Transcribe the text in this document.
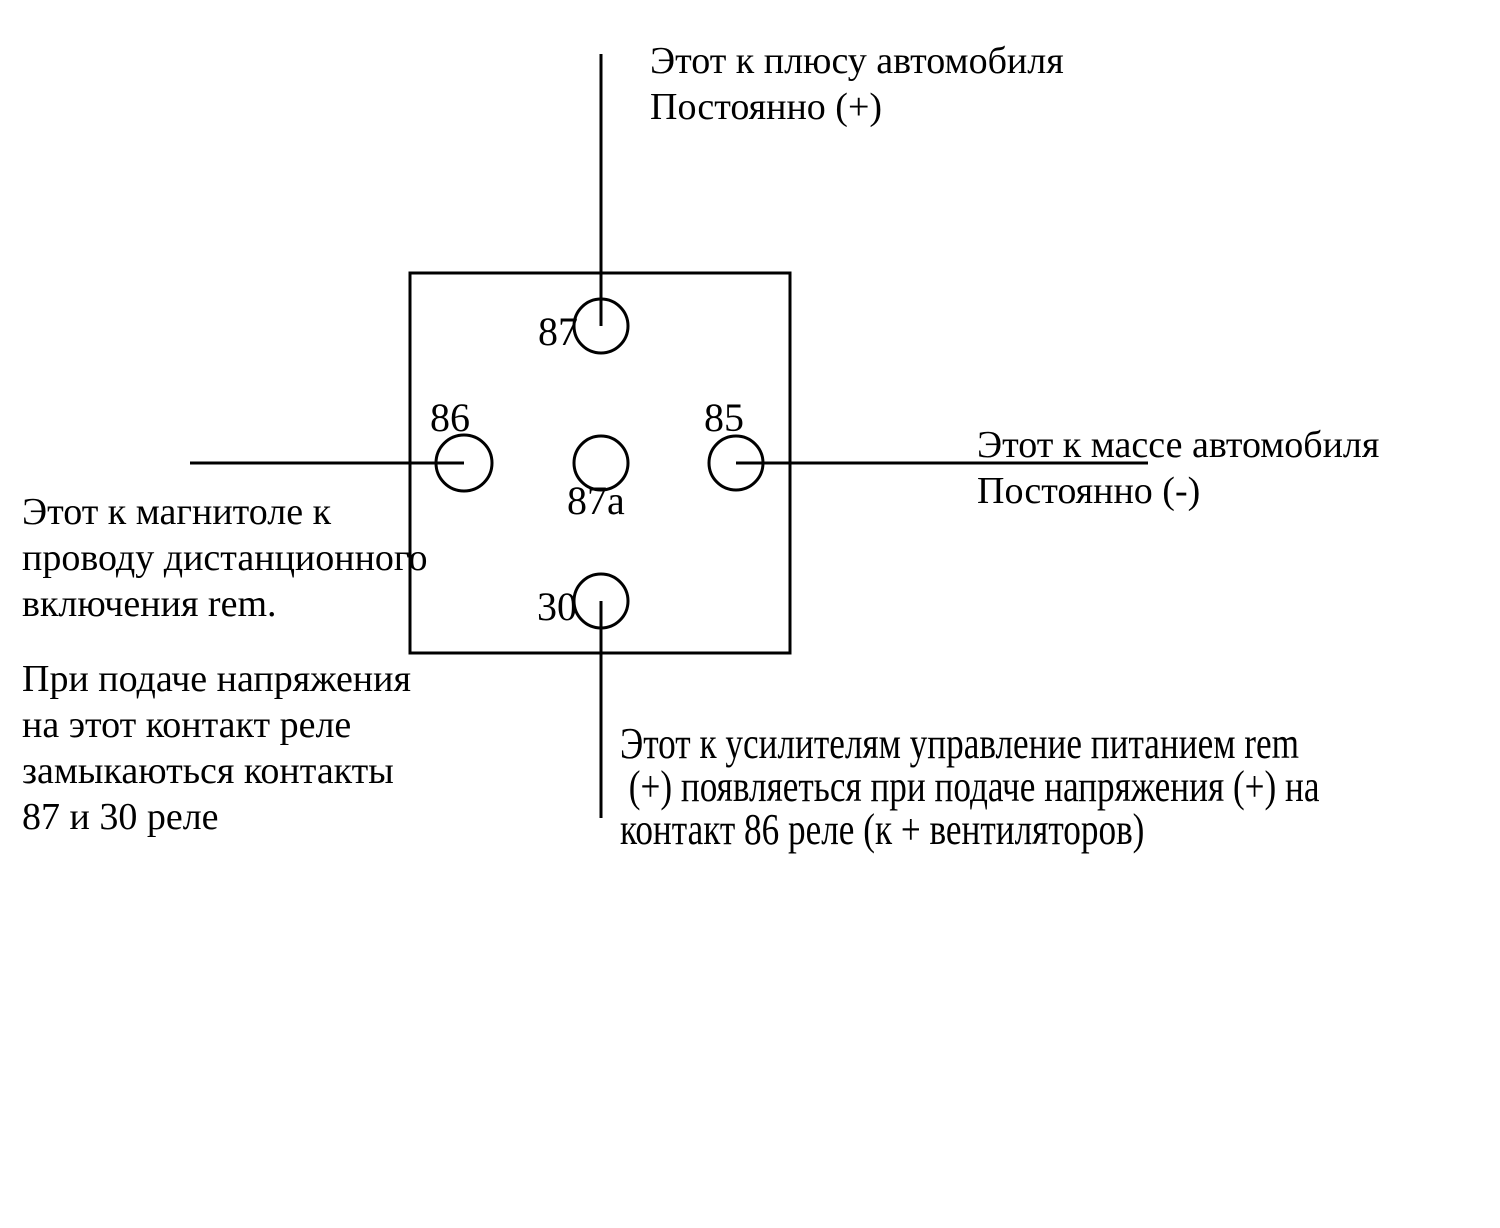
87
86	85
87a
30
Этот к плюсу автомобиля
Постоянно (+)
Этот к массе автомобиля
Постоянно (-)
Этот к магнитоле к
проводу дистанционного
включения rem.
При подаче напряжения
на этот контакт реле
замыкаються контакты
87 и 30 реле
Этот к усилителям управление питанием rem
(+) появляеться при подаче напряжения (+) на
контакт 86 реле (к + вентиляторов)
